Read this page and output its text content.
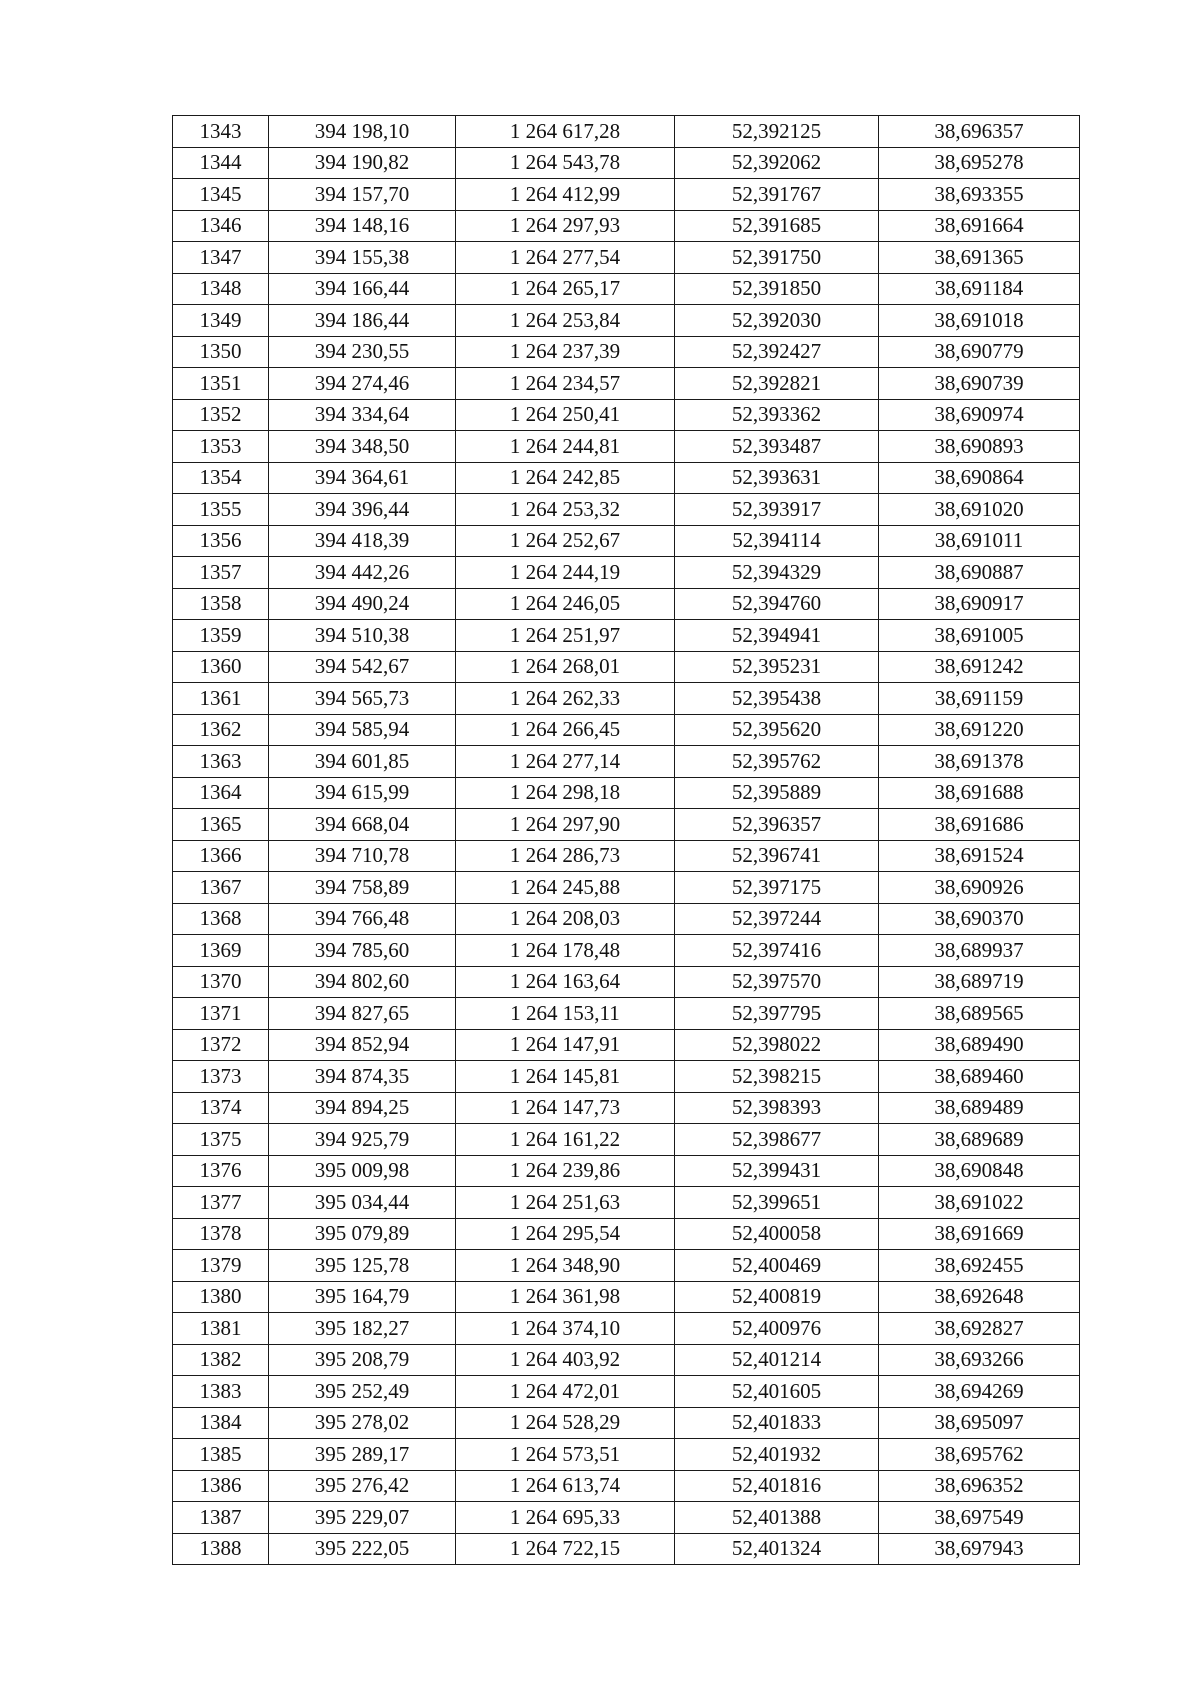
1343	394 198,10	1 264 617,28	52,392125	38,696357
1344	394 190,82	1 264 543,78	52,392062	38,695278
1345	394 157,70	1 264 412,99	52,391767	38,693355
1346	394 148,16	1 264 297,93	52,391685	38,691664
1347	394 155,38	1 264 277,54	52,391750	38,691365
1348	394 166,44	1 264 265,17	52,391850	38,691184
1349	394 186,44	1 264 253,84	52,392030	38,691018
1350	394 230,55	1 264 237,39	52,392427	38,690779
1351	394 274,46	1 264 234,57	52,392821	38,690739
1352	394 334,64	1 264 250,41	52,393362	38,690974
1353	394 348,50	1 264 244,81	52,393487	38,690893
1354	394 364,61	1 264 242,85	52,393631	38,690864
1355	394 396,44	1 264 253,32	52,393917	38,691020
1356	394 418,39	1 264 252,67	52,394114	38,691011
1357	394 442,26	1 264 244,19	52,394329	38,690887
1358	394 490,24	1 264 246,05	52,394760	38,690917
1359	394 510,38	1 264 251,97	52,394941	38,691005
1360	394 542,67	1 264 268,01	52,395231	38,691242
1361	394 565,73	1 264 262,33	52,395438	38,691159
1362	394 585,94	1 264 266,45	52,395620	38,691220
1363	394 601,85	1 264 277,14	52,395762	38,691378
1364	394 615,99	1 264 298,18	52,395889	38,691688
1365	394 668,04	1 264 297,90	52,396357	38,691686
1366	394 710,78	1 264 286,73	52,396741	38,691524
1367	394 758,89	1 264 245,88	52,397175	38,690926
1368	394 766,48	1 264 208,03	52,397244	38,690370
1369	394 785,60	1 264 178,48	52,397416	38,689937
1370	394 802,60	1 264 163,64	52,397570	38,689719
1371	394 827,65	1 264 153,11	52,397795	38,689565
1372	394 852,94	1 264 147,91	52,398022	38,689490
1373	394 874,35	1 264 145,81	52,398215	38,689460
1374	394 894,25	1 264 147,73	52,398393	38,689489
1375	394 925,79	1 264 161,22	52,398677	38,689689
1376	395 009,98	1 264 239,86	52,399431	38,690848
1377	395 034,44	1 264 251,63	52,399651	38,691022
1378	395 079,89	1 264 295,54	52,400058	38,691669
1379	395 125,78	1 264 348,90	52,400469	38,692455
1380	395 164,79	1 264 361,98	52,400819	38,692648
1381	395 182,27	1 264 374,10	52,400976	38,692827
1382	395 208,79	1 264 403,92	52,401214	38,693266
1383	395 252,49	1 264 472,01	52,401605	38,694269
1384	395 278,02	1 264 528,29	52,401833	38,695097
1385	395 289,17	1 264 573,51	52,401932	38,695762
1386	395 276,42	1 264 613,74	52,401816	38,696352
1387	395 229,07	1 264 695,33	52,401388	38,697549
1388	395 222,05	1 264 722,15	52,401324	38,697943
